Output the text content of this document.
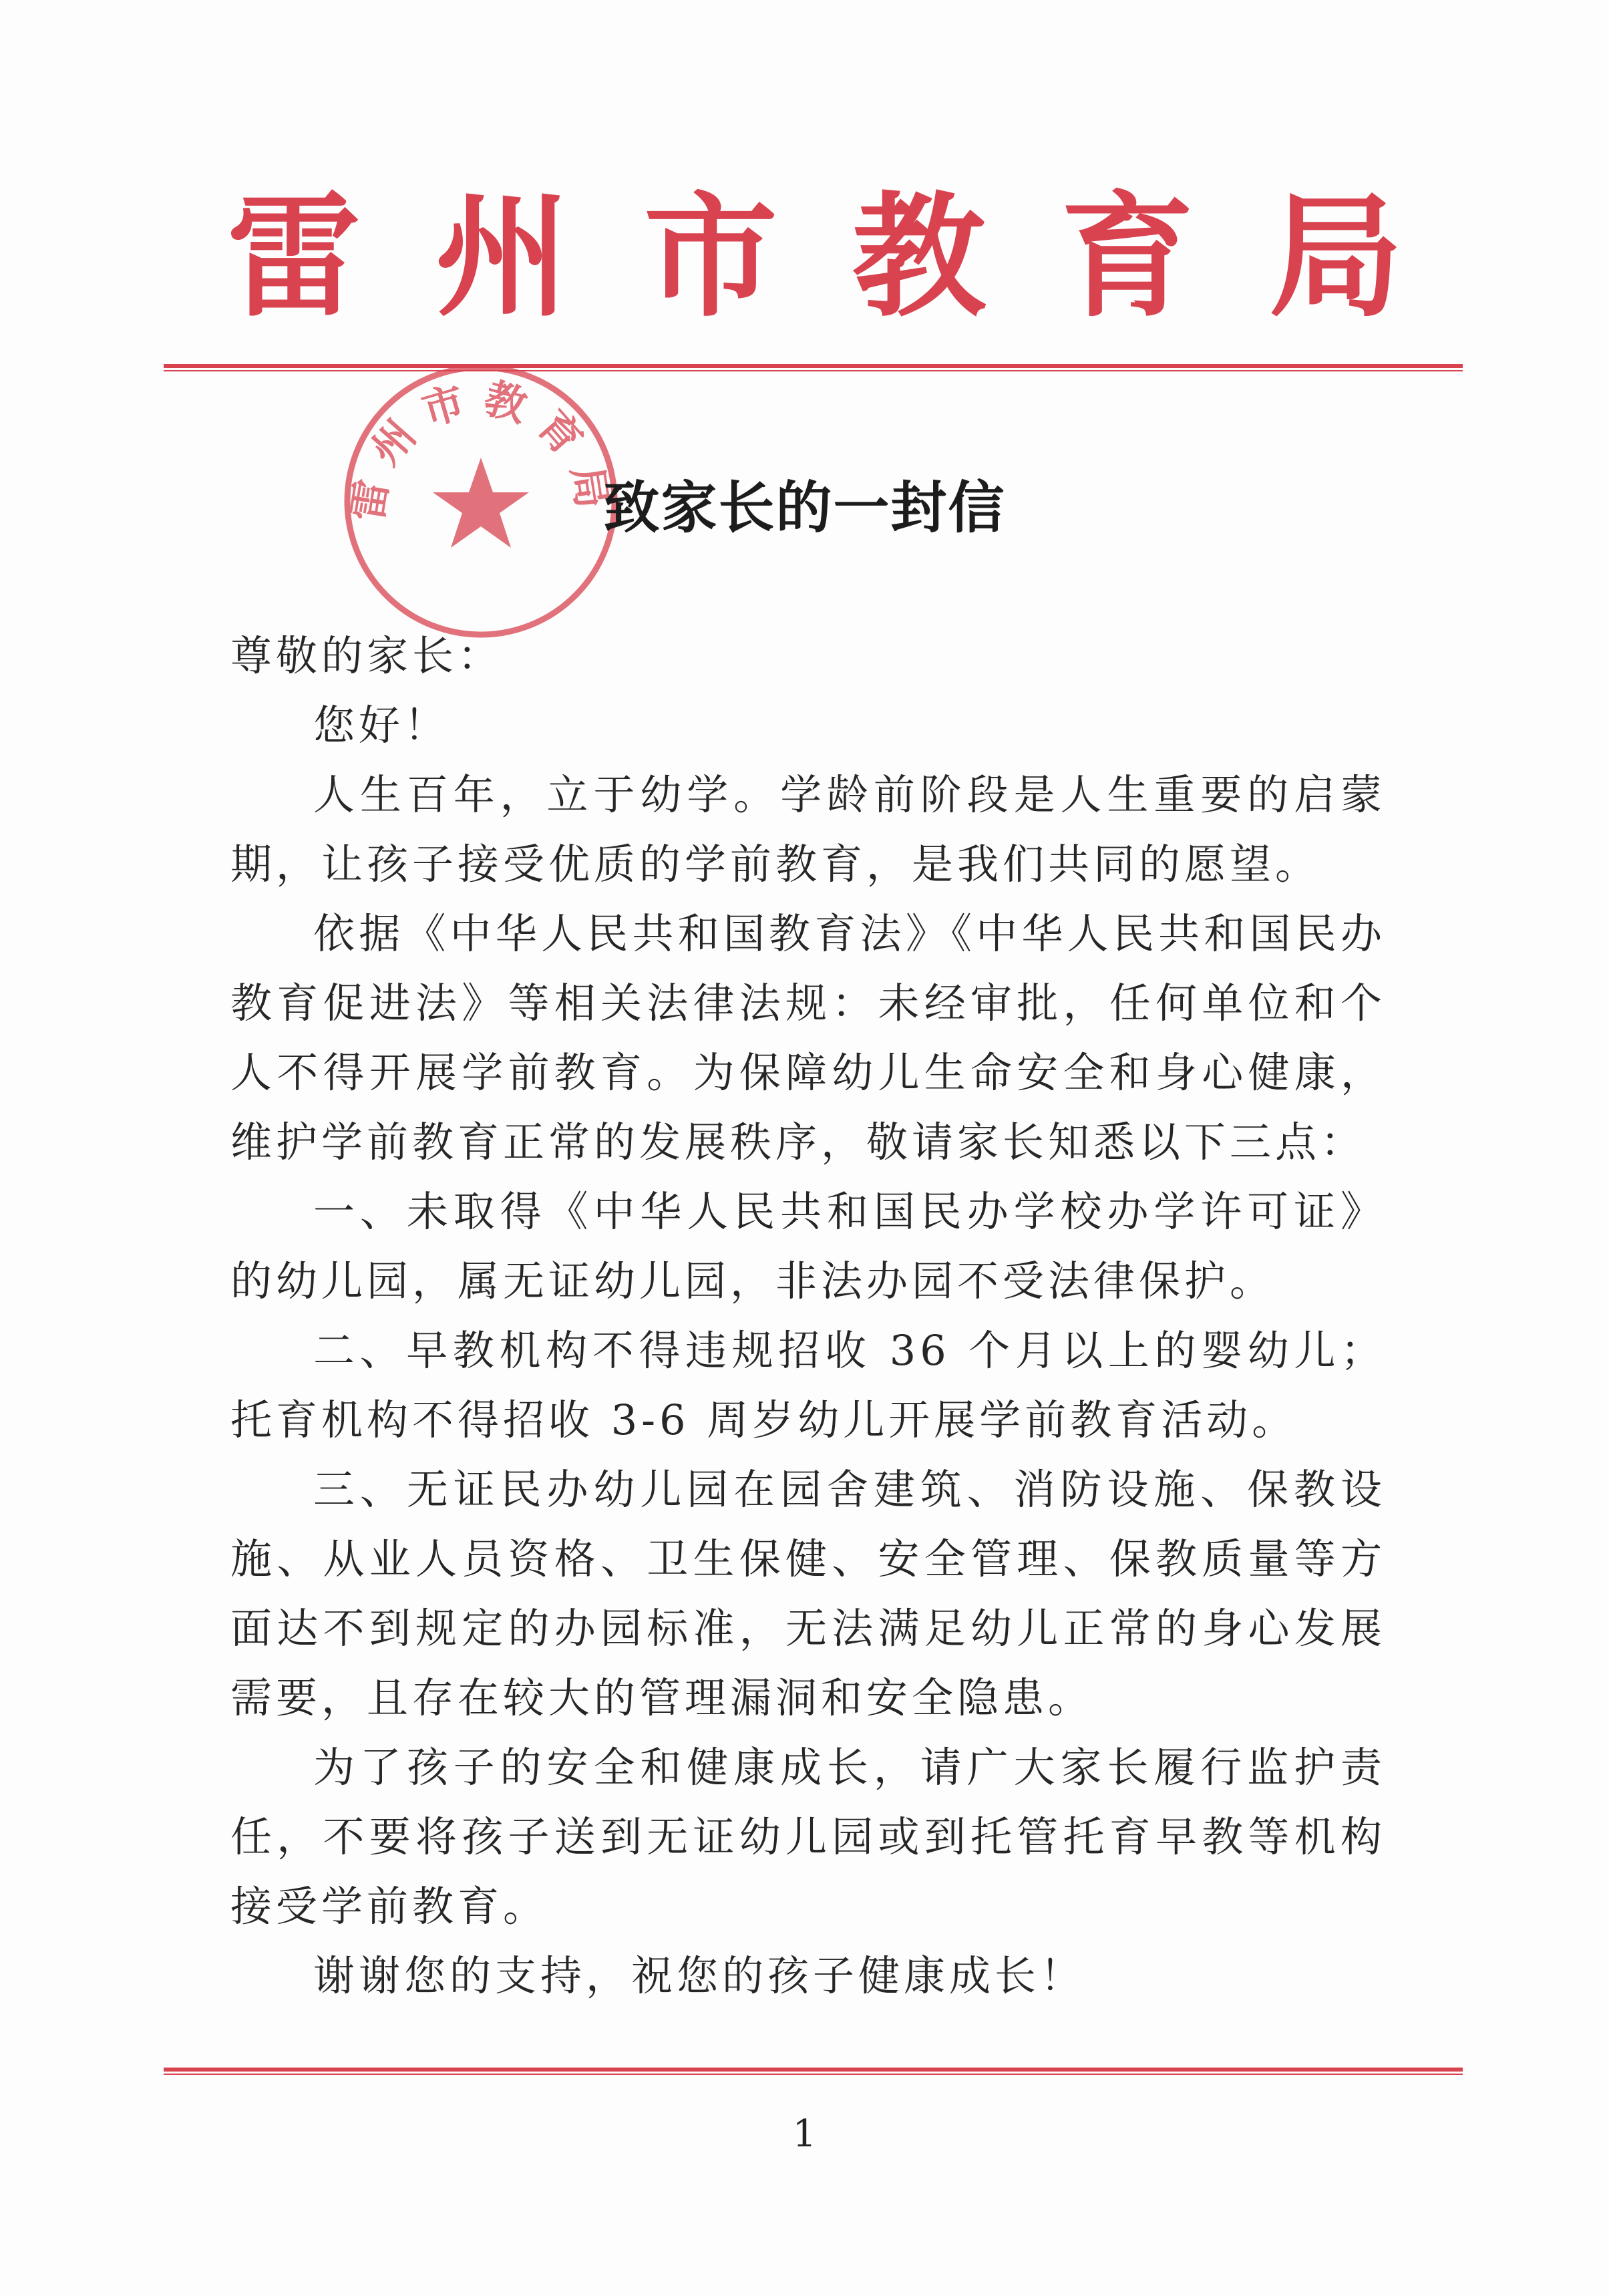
雷 州 市 教 育 局
雷州市教育局
致家长的一封信

尊敬的家长：

您好！

人生百年，立于幼学。学龄前阶段是人生重要的启蒙期，让孩子接受优质的学前教育，是我们共同的愿望。

依据《中华人民共和国教育法》《中华人民共和国民办教育促进法》等相关法律法规：未经审批，任何单位和个人不得开展学前教育。为保障幼儿生命安全和身心健康，维护学前教育正常的发展秩序，敬请家长知悉以下三点：

一、未取得《中华人民共和国民办学校办学许可证》的幼儿园，属无证幼儿园，非法办园不受法律保护。

二、早教机构不得违规招收 36 个月以上的婴幼儿；托育机构不得招收 3-6 周岁幼儿开展学前教育活动。

三、无证民办幼儿园在园舍建筑、消防设施、保教设施、从业人员资格、卫生保健、安全管理、保教质量等方面达不到规定的办园标准，无法满足幼儿正常的身心发展需要，且存在较大的管理漏洞和安全隐患。

为了孩子的安全和健康成长，请广大家长履行监护责任，不要将孩子送到无证幼儿园或到托管托育早教等机构接受学前教育。

谢谢您的支持，祝您的孩子健康成长！

1
